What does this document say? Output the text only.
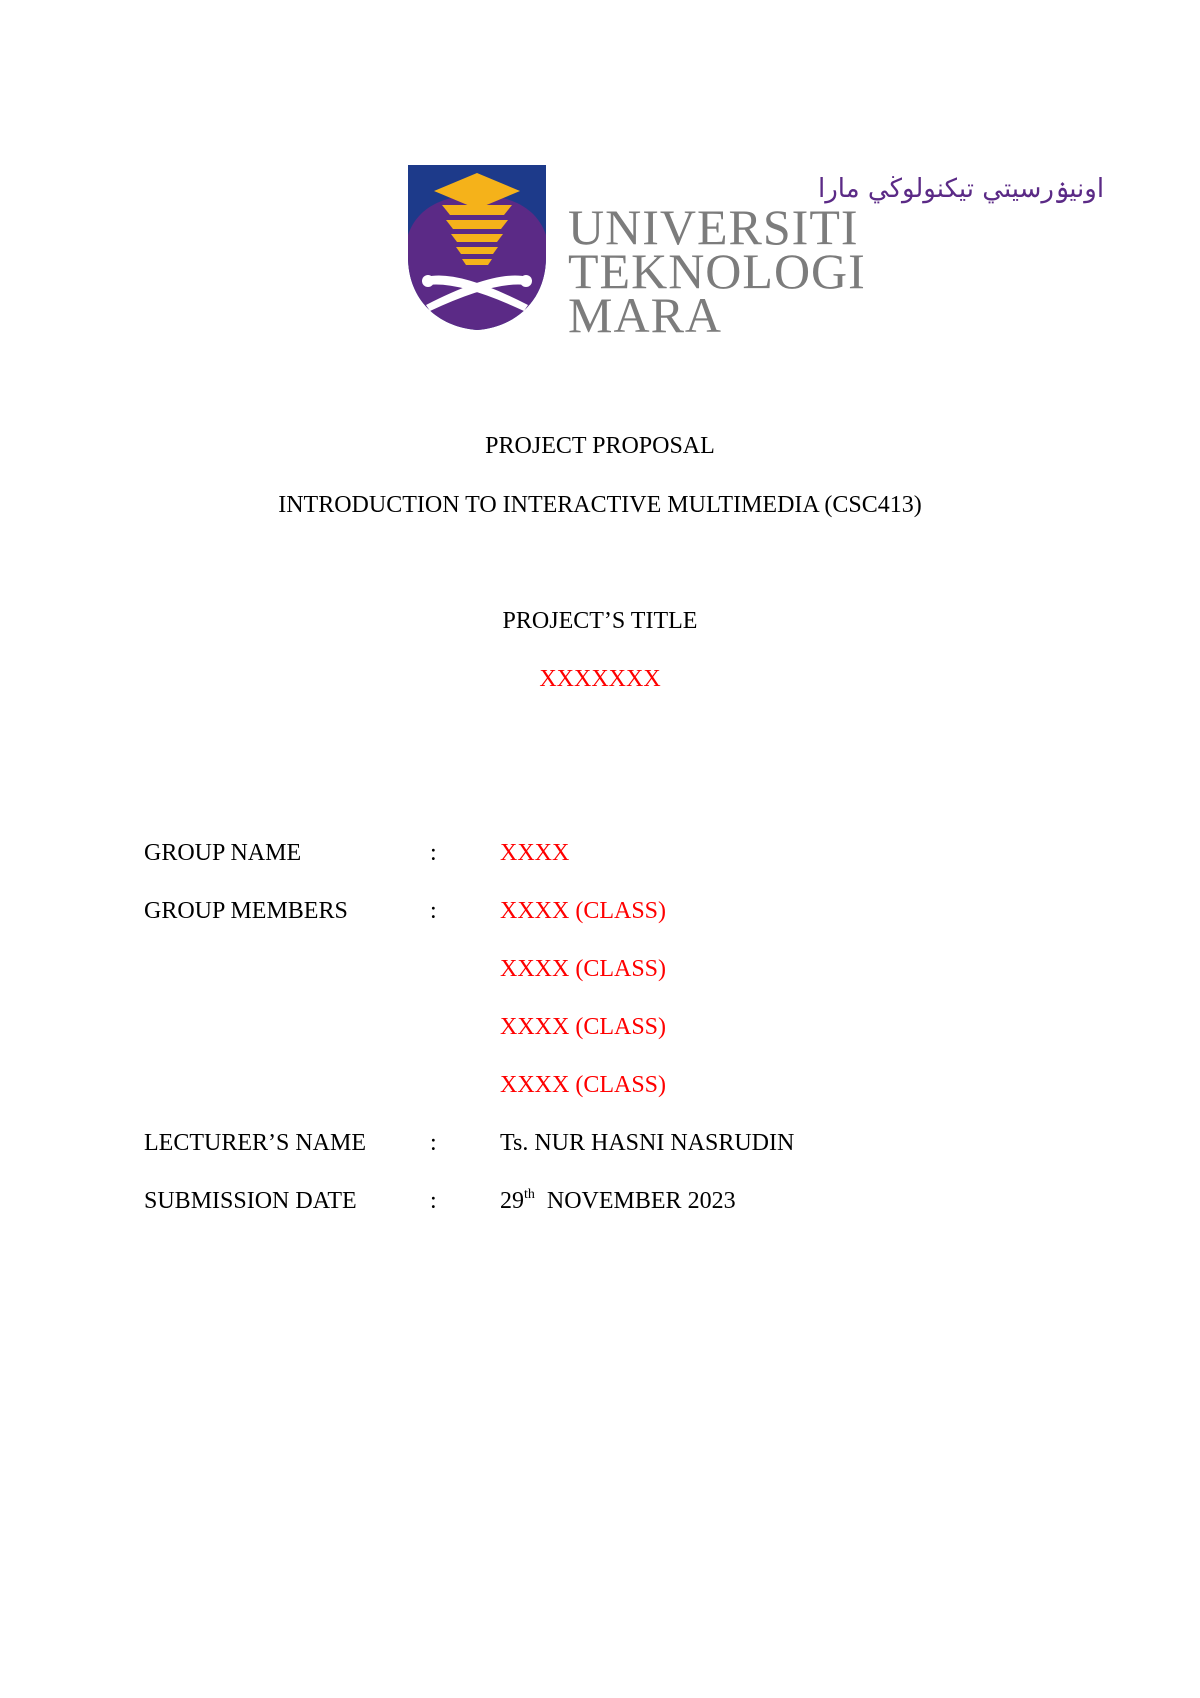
اونيۏرسيتي تيکنولوڬي مارا
UNIVERSITI
TEKNOLOGI
MARA
PROJECT PROPOSAL
INTRODUCTION TO INTERACTIVE MULTIMEDIA (CSC413)
PROJECT’S TITLE
XXXXXXX
GROUP NAME	:	XXXX
GROUP MEMBERS	:	XXXX (CLASS)
XXXX (CLASS)
XXXX (CLASS)
XXXX (CLASS)
LECTURER’S NAME	:	Ts. NUR HASNI NASRUDIN
SUBMISSION DATE	:	29th NOVEMBER 2023
